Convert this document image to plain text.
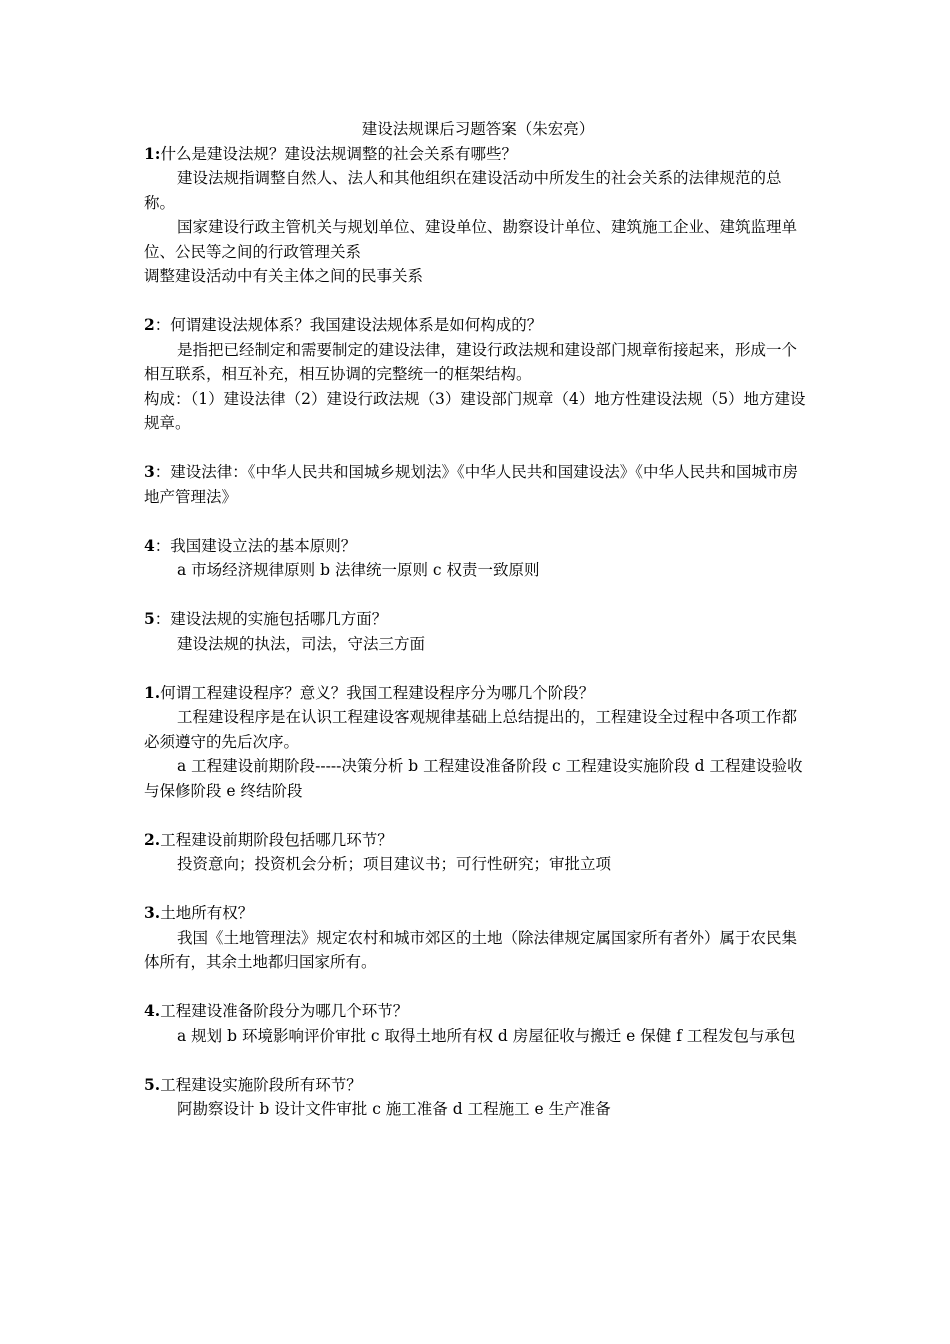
建设法规课后习题答案（朱宏亮）

1:什么是建设法规？建设法规调整的社会关系有哪些？

建设法规指调整自然人、法人和其他组织在建设活动中所发生的社会关系的法律规范的总称。

国家建设行政主管机关与规划单位、建设单位、勘察设计单位、建筑施工企业、建筑监理单位、公民等之间的行政管理关系

调整建设活动中有关主体之间的民事关系

2：何谓建设法规体系？我国建设法规体系是如何构成的？

是指把已经制定和需要制定的建设法律，建设行政法规和建设部门规章衔接起来，形成一个相互联系，相互补充，相互协调的完整统一的框架结构。

构成：（1）建设法律（2）建设行政法规（3）建设部门规章（4）地方性建设法规（5）地方建设规章。

3：建设法律：《中华人民共和国城乡规划法》《中华人民共和国建设法》《中华人民共和国城市房地产管理法》

4：我国建设立法的基本原则？

a 市场经济规律原则 b 法律统一原则 c 权责一致原则

5：建设法规的实施包括哪几方面？

建设法规的执法，司法，守法三方面

1.何谓工程建设程序？意义？我国工程建设程序分为哪几个阶段？

工程建设程序是在认识工程建设客观规律基础上总结提出的，工程建设全过程中各项工作都必须遵守的先后次序。

a 工程建设前期阶段-----决策分析 b 工程建设准备阶段 c 工程建设实施阶段 d 工程建设验收与保修阶段 e 终结阶段

2.工程建设前期阶段包括哪几环节？

投资意向；投资机会分析；项目建议书；可行性研究；审批立项

3.土地所有权？

我国《土地管理法》规定农村和城市郊区的土地（除法律规定属国家所有者外）属于农民集体所有，其余土地都归国家所有。

4.工程建设准备阶段分为哪几个环节？

a 规划 b 环境影响评价审批 c 取得土地所有权 d 房屋征收与搬迁 e 保健 f 工程发包与承包

5.工程建设实施阶段所有环节？

阿勘察设计 b 设计文件审批 c 施工准备 d 工程施工 e 生产准备
